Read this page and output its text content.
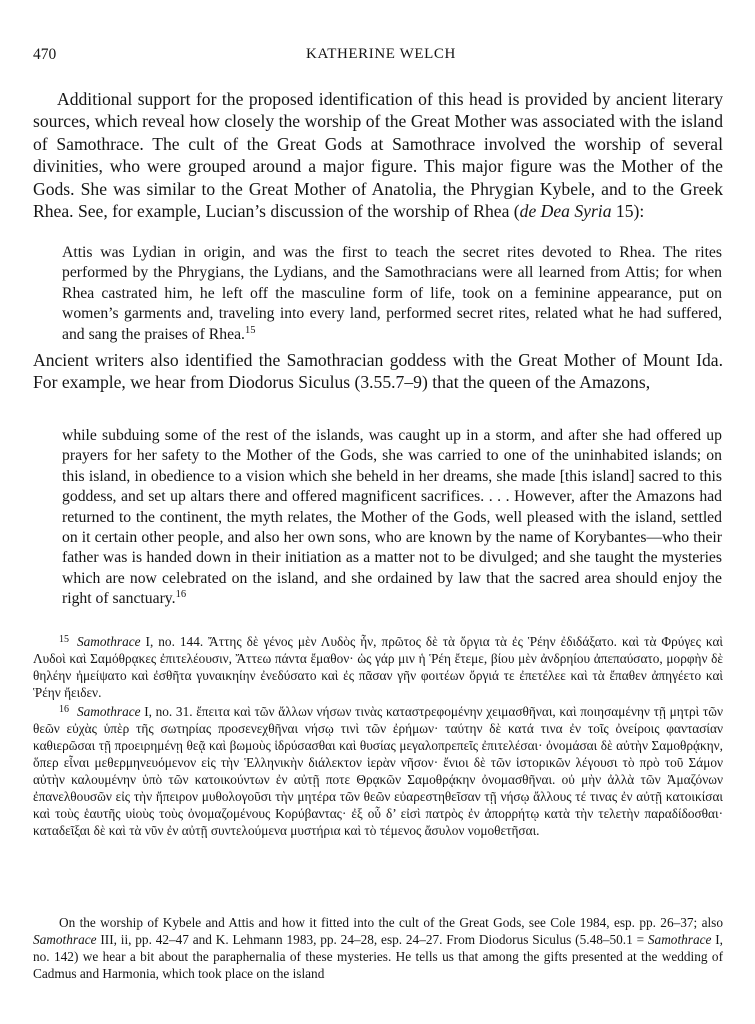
470	KATHERINE WELCH

Additional support for the proposed identification of this head is provided by ancient literary sources, which reveal how closely the worship of the Great Mother was associated with the island of Samothrace. The cult of the Great Gods at Samothrace involved the worship of several divinities, who were grouped around a major figure. This major figure was the Mother of the Gods. She was similar to the Great Mother of Anatolia, the Phrygian Kybele, and to the Greek Rhea. See, for example, Lucian’s discussion of the worship of Rhea (de Dea Syria 15):

Attis was Lydian in origin, and was the first to teach the secret rites devoted to Rhea. The rites performed by the Phrygians, the Lydians, and the Samothracians were all learned from Attis; for when Rhea castrated him, he left off the masculine form of life, took on a feminine appearance, put on women’s garments and, traveling into every land, performed secret rites, related what he had suffered, and sang the praises of Rhea.$^{15}$

Ancient writers also identified the Samothracian goddess with the Great Mother of Mount Ida. For example, we hear from Diodorus Siculus (3.55.7–9) that the queen of the Amazons,

while subduing some of the rest of the islands, was caught up in a storm, and after she had offered up prayers for her safety to the Mother of the Gods, she was carried to one of the uninhabited islands; on this island, in obedience to a vision which she beheld in her dreams, she made [this island] sacred to this goddess, and set up altars there and offered magnificent sacrifices. . . . However, after the Amazons had returned to the continent, the myth relates, the Mother of the Gods, well pleased with the island, settled on it certain other people, and also her own sons, who are known by the name of Korybantes—who their father was is handed down in their initiation as a matter not to be divulged; and she taught the mysteries which are now celebrated on the island, and she ordained by law that the sacred area should enjoy the right of sanctuary.$^{16}$

$^{15}$ Samothrace I, no. 144. Ἄττης δὲ γένος μὲν Λυδὸς ἦν, πρῶτος δὲ τὰ ὄργια τὰ ἐς Ῥέην ἐδιδάξατο. καὶ τὰ Φρύγες καὶ Λυδοὶ καὶ Σαμόθρᾳκες ἐπιτελέουσιν, Ἄττεω πάντα ἔμαθον· ὡς γάρ μιν ἡ Ῥέη ἔτεμε, βίου μὲν ἀνδρηίου ἀπεπαύσατο, μορφὴν δὲ θηλέην ἠμείψατο καὶ ἐσθῆτα γυναικηίην ἐνεδύσατο καὶ ἐς πᾶσαν γῆν φοιτέων ὄργιά τε ἐπετέλεε καὶ τὰ ἔπαθεν ἀπηγέετο καὶ Ῥέην ἤειδεν.

$^{16}$ Samothrace I, no. 31. ἔπειτα καὶ τῶν ἄλλων νήσων τινὰς καταστρεφομένην χειμασθῆναι, καὶ ποιησαμένην τῇ μητρὶ τῶν θεῶν εὐχὰς ὑπὲρ τῆς σωτηρίας προσενεχθῆναι νήσῳ τινὶ τῶν ἐρήμων· ταύτην δὲ κατά τινα ἐν τοῖς ὀνείροις φαντασίαν καθιερῶσαι τῇ προειρημένῃ θεᾷ καὶ βωμοὺς ἱδρύσασθαι καὶ θυσίας μεγαλοπρεπεῖς ἐπιτελέσαι· ὀνομάσαι δὲ αὐτὴν Σαμοθρᾴκην, ὅπερ εἶναι μεθερμηνευόμενον εἰς τὴν Ἑλληνικὴν διάλεκτον ἱερὰν νῆσον· ἔνιοι δὲ τῶν ἱστορικῶν λέγουσι τὸ πρὸ τοῦ Σάμον αὐτὴν καλουμένην ὑπὸ τῶν κατοικούντων ἐν αὐτῇ ποτε Θρᾳκῶν Σαμοθρᾴκην ὀνομασθῆναι. οὐ μὴν ἀλλὰ τῶν Ἀμαζόνων ἐπανελθουσῶν εἰς τὴν ἤπειρον μυθολογοῦσι τὴν μητέρα τῶν θεῶν εὐαρεστηθεῖσαν τῇ νήσῳ ἄλλους τέ τινας ἐν αὐτῇ κατοικίσαι καὶ τοὺς ἑαυτῆς υἱοὺς τοὺς ὀνομαζομένους Κορύβαντας· ἐξ οὗ δ’ εἰσὶ πατρὸς ἐν ἀπορρήτῳ κατὰ τὴν τελετὴν παραδίδοσθαι· καταδεῖξαι δὲ καὶ τὰ νῦν ἐν αὐτῇ συντελούμενα μυστήρια καὶ τὸ τέμενος ἄσυλον νομοθετῆσαι.

On the worship of Kybele and Attis and how it fitted into the cult of the Great Gods, see Cole 1984, esp. pp. 26–37; also Samothrace III, ii, pp. 42–47 and K. Lehmann 1983, pp. 24–28, esp. 24–27. From Diodorus Siculus (5.48–50.1 = Samothrace I, no. 142) we hear a bit about the paraphernalia of these mysteries. He tells us that among the gifts presented at the wedding of Cadmus and Harmonia, which took place on the island
